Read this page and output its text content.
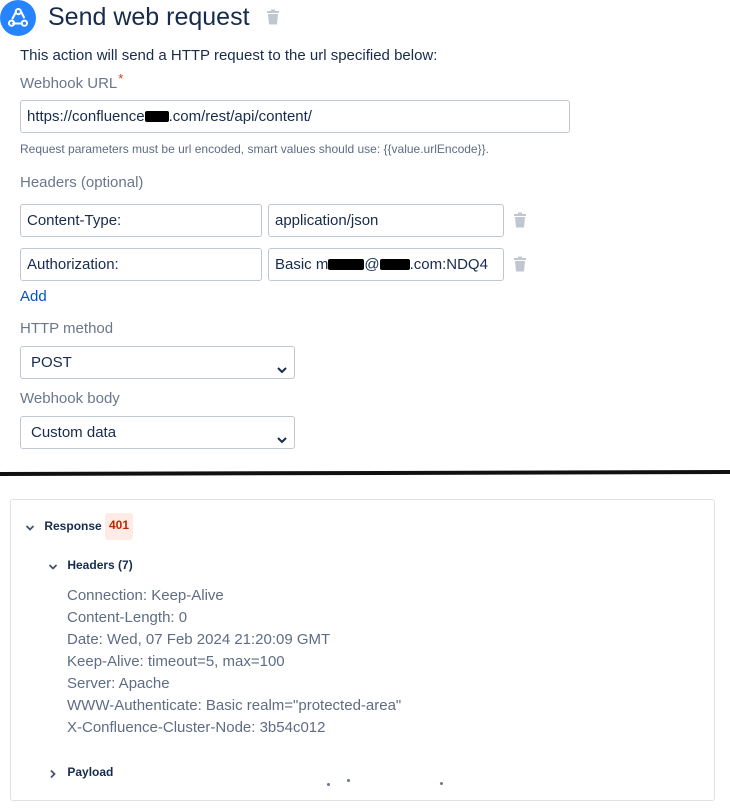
Send web request
This action will send a HTTP request to the url specified below:
Webhook URL*
https://confluence .com/rest/api/content/
Request parameters must be url encoded, smart values should use: {{value.urlEncode}}.
Headers (optional)
Content-Type:	application/json
Authorization:	Basic m @ .com:NDQ4
Add
HTTP method
POST
Webhook body
Custom data
Response 401
Headers (7)
Connection: Keep-Alive
Content-Length: 0
Date: Wed, 07 Feb 2024 21:20:09 GMT
Keep-Alive: timeout=5, max=100
Server: Apache
WWW-Authenticate: Basic realm="protected-area"
X-Confluence-Cluster-Node: 3b54c012
Payload
